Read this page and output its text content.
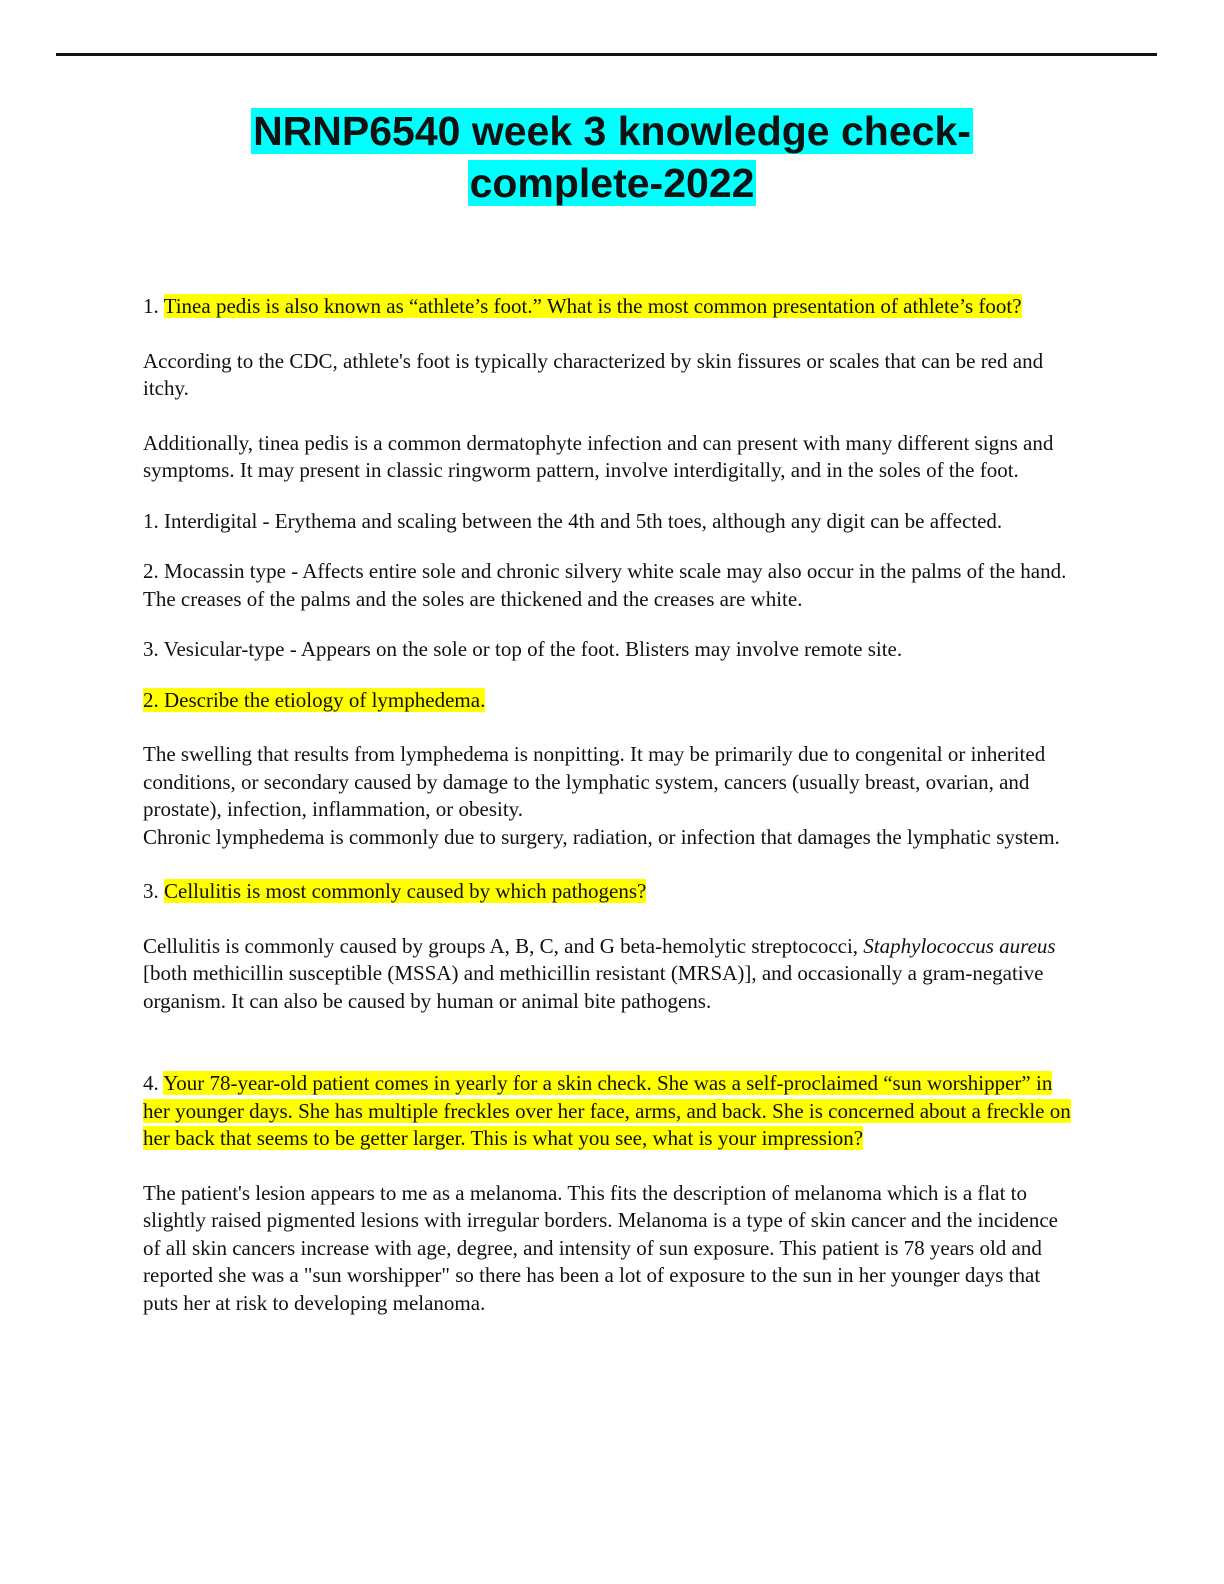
NRNP6540 week 3 knowledge check-
complete-2022

1. Tinea pedis is also known as “athlete’s foot.” What is the most common presentation of athlete’s foot?

According to the CDC, athlete's foot is typically characterized by skin fissures or scales that can be red and itchy.

Additionally, tinea pedis is a common dermatophyte infection and can present with many different signs and symptoms. It may present in classic ringworm pattern, involve interdigitally, and in the soles of the foot.

1. Interdigital - Erythema and scaling between the 4th and 5th toes, although any digit can be affected.

2. Mocassin type - Affects entire sole and chronic silvery white scale may also occur in the palms of the hand. The creases of the palms and the soles are thickened and the creases are white.

3. Vesicular-type - Appears on the sole or top of the foot. Blisters may involve remote site.

2. Describe the etiology of lymphedema.

The swelling that results from lymphedema is nonpitting. It may be primarily due to congenital or inherited conditions, or secondary caused by damage to the lymphatic system, cancers (usually breast, ovarian, and prostate), infection, inflammation, or obesity.

Chronic lymphedema is commonly due to surgery, radiation, or infection that damages the lymphatic system.

3. Cellulitis is most commonly caused by which pathogens?

Cellulitis is commonly caused by groups A, B, C, and G beta-hemolytic streptococci, Staphylococcus aureus [both methicillin susceptible (MSSA) and methicillin resistant (MRSA)], and occasionally a gram-negative organism. It can also be caused by human or animal bite pathogens.

4. Your 78-year-old patient comes in yearly for a skin check. She was a self-proclaimed “sun worshipper” in her younger days. She has multiple freckles over her face, arms, and back. She is concerned about a freckle on her back that seems to be getter larger. This is what you see, what is your impression?

The patient's lesion appears to me as a melanoma. This fits the description of melanoma which is a flat to slightly raised pigmented lesions with irregular borders. Melanoma is a type of skin cancer and the incidence of all skin cancers increase with age, degree, and intensity of sun exposure. This patient is 78 years old and reported she was a "sun worshipper" so there has been a lot of exposure to the sun in her younger days that puts her at risk to developing melanoma.
